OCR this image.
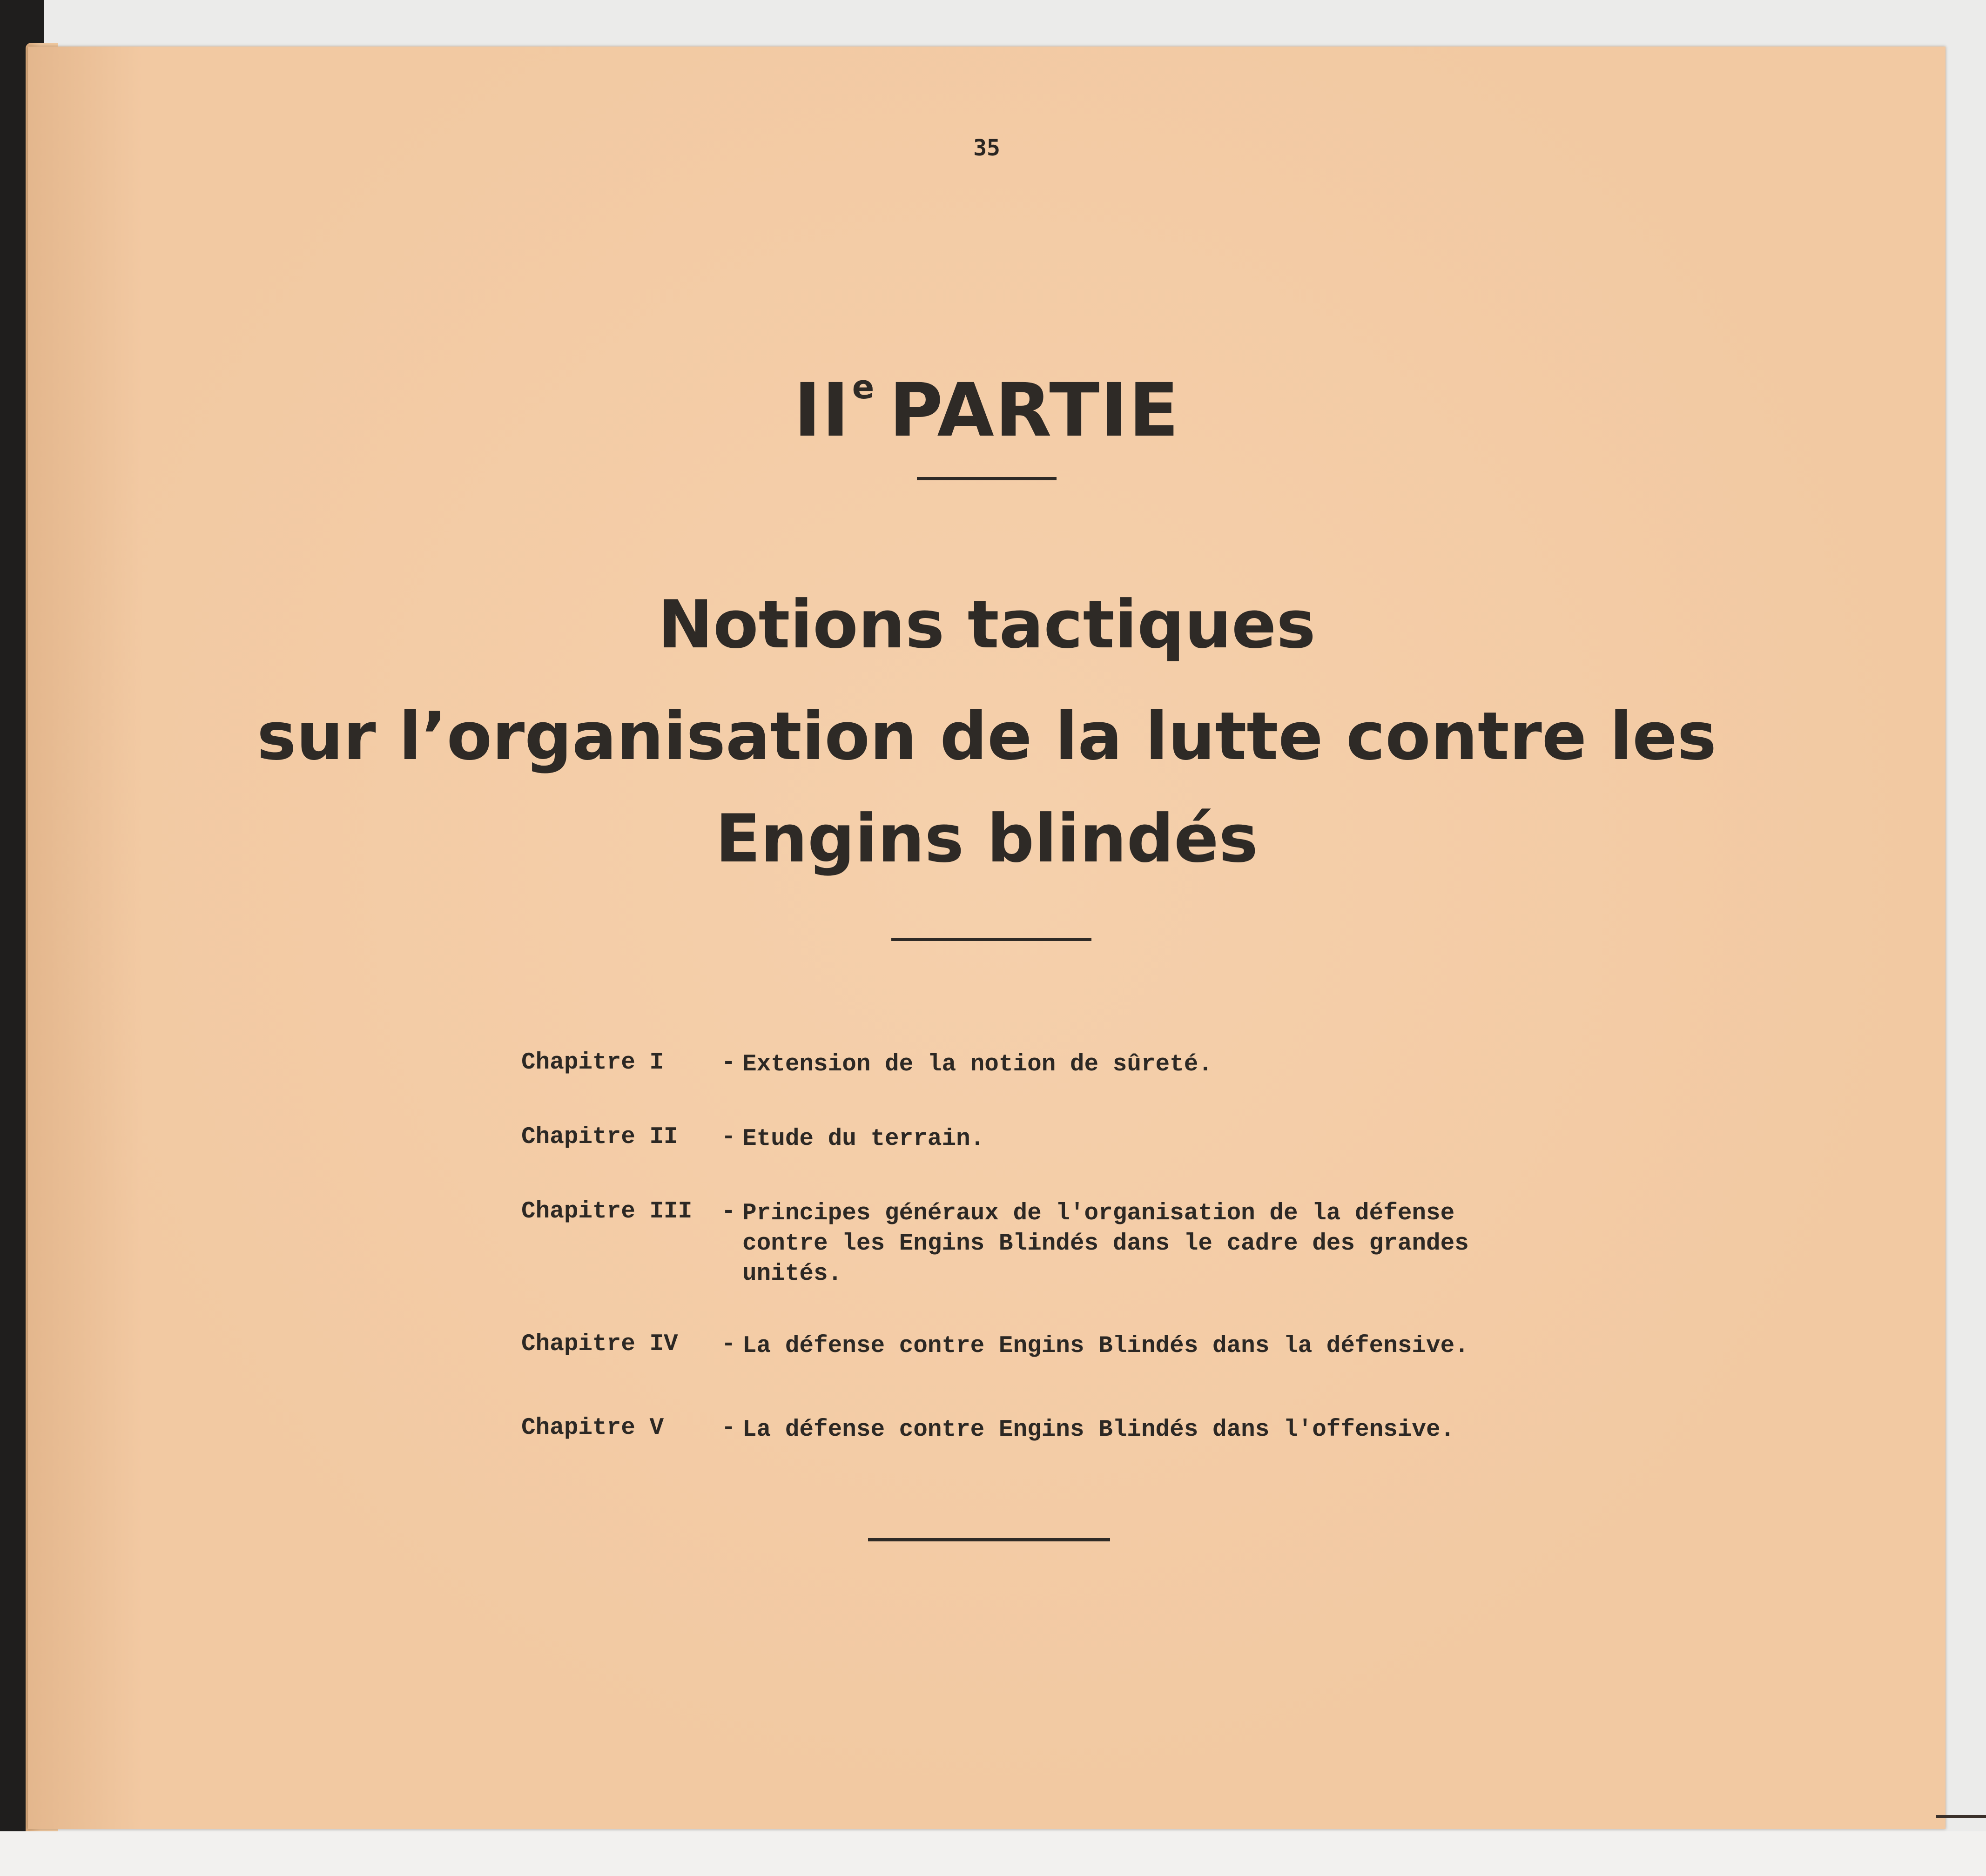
35
IIe PARTIE
Notions tactiques
sur l’organisation de la lutte contre les
Engins blindés
Chapitre I - Extension de la notion de sûreté.
Chapitre II - Etude du terrain.
Chapitre III - Principes généraux de l'organisation de la défense
contre les Engins Blindés dans le cadre des grandes
unités.
Chapitre IV - La défense contre Engins Blindés dans la défensive.
Chapitre V - La défense contre Engins Blindés dans l'offensive.
